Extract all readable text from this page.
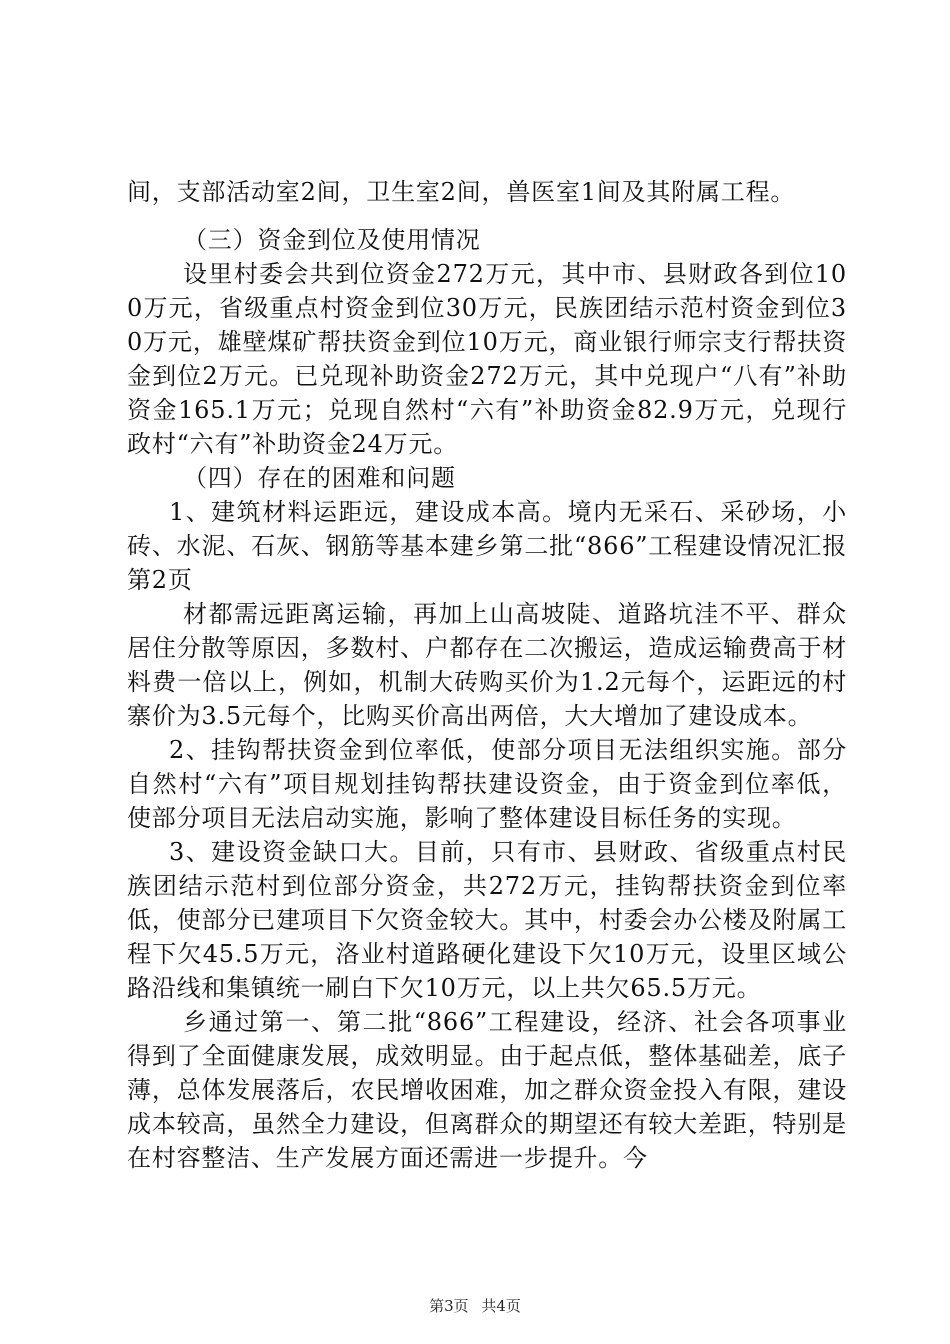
间，支部活动室2间，卫生室2间，兽医室1间及其附属工程。

（三）资金到位及使用情况

设里村委会共到位资金272万元，其中市、县财政各到位100万元，省级重点村资金到位30万元，民族团结示范村资金到位30万元，雄壁煤矿帮扶资金到位10万元，商业银行师宗支行帮扶资金到位2万元。已兑现补助资金272万元，其中兑现户“八有”补助资金165.1万元；兑现自然村“六有”补助资金82.9万元，兑现行政村“六有”补助资金24万元。

（四）存在的困难和问题

1、建筑材料运距远，建设成本高。境内无采石、采砂场，小砖、水泥、石灰、钢筋等基本建乡第二批“866”工程建设情况汇报第2页

材都需远距离运输，再加上山高坡陡、道路坑洼不平、群众居住分散等原因，多数村、户都存在二次搬运，造成运输费高于材料费一倍以上，例如，机制大砖购买价为1.2元每个，运距远的村寨价为3.5元每个，比购买价高出两倍，大大增加了建设成本。

2、挂钩帮扶资金到位率低，使部分项目无法组织实施。部分自然村“六有”项目规划挂钩帮扶建设资金，由于资金到位率低，使部分项目无法启动实施，影响了整体建设目标任务的实现。

3、建设资金缺口大。目前，只有市、县财政、省级重点村民族团结示范村到位部分资金，共272万元，挂钩帮扶资金到位率低，使部分已建项目下欠资金较大。其中，村委会办公楼及附属工程下欠45.5万元，洛业村道路硬化建设下欠10万元，设里区域公路沿线和集镇统一刷白下欠10万元，以上共欠65.5万元。

乡通过第一、第二批“866”工程建设，经济、社会各项事业得到了全面健康发展，成效明显。由于起点低，整体基础差，底子薄，总体发展落后，农民增收困难，加之群众资金投入有限，建设成本较高，虽然全力建设，但离群众的期望还有较大差距，特别是在村容整洁、生产发展方面还需进一步提升。今

第3页 共4页
